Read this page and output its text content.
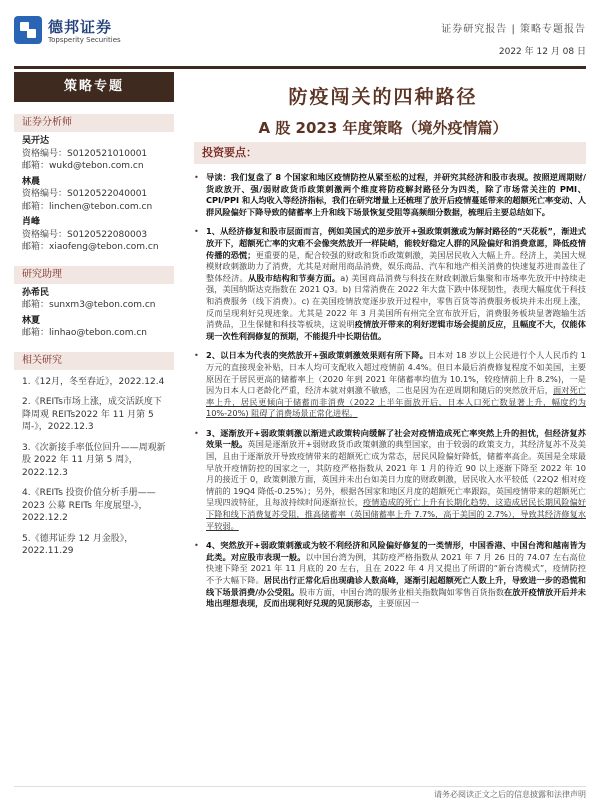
德邦证券
Topsperity Securities
证券研究报告 | 策略专题报告
2022 年 12 月 08 日
策略专题
证券分析师
吴开达
资格编号：S0120521010001
邮箱：wukd@tebon.com.cn
林晨
资格编号：S0120522040001
邮箱：linchen@tebon.com.cn
肖峰
资格编号：S0120522080003
邮箱：xiaofeng@tebon.com.cn
研究助理
孙希民
邮箱：sunxm3@tebon.com.cn
林夏
邮箱：linhao@tebon.com.cn
相关研究
1.《12月，冬至春近》，2022.12.4
2.《REITs市场上涨，成交活跃度下降周观 REITs2022 年 11 月第 5 周-》，2022.12.3
3.《次新接手率低位回升——周观新股 2022 年 11 月第 5 周》，2022.12.3
4.《REITs 投资价值分析手册——2023 公募 REITs 年度展望-》，2022.12.2
5.《德邦证券 12 月金股》，2022.11.29
防疫闯关的四种路径
A 股 2023 年度策略（境外疫情篇）
投资要点：
• 导读：我们复盘了 8 个国家和地区疫情防控从紧至松的过程，并研究其经济和股市表现。按照逆周期财/货政放开、强/弱财政货币政策刺激两个维度将防疫解封路径分为四类，除了市场常关注的 PMI、CPI/PPI 和人均收入等经济指标，我们在研究增量上还梳理了放开后疫情蔓延带来的超额死亡率变动、人群风险偏好下降导致的储蓄率上升和线下场景恢复受阻等高频细分数据，梳理后主要总结如下。
• 1、从经济修复和股市层面而言，例如美国式的逆步放开+强政策刺激或为解封路径的“天花板”，渐进式放开下，超额死亡率的灾难不会像突然放开一样陡峭，能较好稳定人群的风险偏好和消费意愿，降低疫情传播的恐慌；更重要的是，配合较强的财政和货币政策刺激，美国居民收入大幅上升。经济上，美国大规模财政刺激助力了消费，尤其是对耐用商品消费，娱乐商品、汽车和地产相关消费的快速复苏进而盖住了整体经济。从股市结构和节奏方面。a) 美国商品消费与科技在财政刺激后集聚和市场率先放开中持续走强，美国纳斯达克指数在 2021 Q3。b) 日常消费在 2022 年大盘下跌中体现韧性，表现大幅度优于科技和消费服务（线下消费）。c) 在美国疫情放宽逐步放开过程中，零售百货等消费服务板块并未出现上涨，反而呈现利好兑现迹象。尤其是 2022 年 3 月美国所有州完全宣布放开后，消费服务板块显著跑输生活消费品，卫生保健和科技等板块，这说明疫情放开带来的利好逻辑市场会提前反应，且幅度不大，仅能体现一次性利润修复的预期，不能提升中长期估值。
• 2、以日本为代表的突然放开+强政策刺激效果则有所下降。日本对 18 岁以上公民进行个人人民币约 1 万元的直接现金补贴，日本人均可支配收入超过疫情前 4.4%。但日本最后消费修复程度不如美国，主要原因在于居民更高的储蓄率上（2020 年到 2021 年储蓄率均值为 10.1%，较疫情前上升 8.2%)，一是因为日本人口老龄化严重，经济本就对刺激不敏感，二也是因为在逆周期和随后的突然放开后，面对死亡率上升，居民更倾向于储蓄而非消费（2022 上半年面放开后，日本人口死亡数显著上升，幅度约为 10%-20%) 阻碍了消费场景正常化进程。
• 3、逐渐放开+弱政策刺激以渐进式政策转向缓解了社会对疫情造成死亡率突然上升的担忧，但经济复苏效果一般。英国是逐渐放开+弱财政货币政策刺激的典型国家，由于较弱的政策支力，其经济复苏不及美国，且由于逐渐放开导致疫情带来的超额死亡成为常态，居民风险偏好降低，储蓄率高企。英国是全球最早放开疫情防控的国家之一，其防疫严格指数从 2021 年 1 月的待近 90 以上逐渐下降至 2022 年 10 月的接近于 0，政策刺激方面，英国并未出台如美日力度的财政刺激，居民收入水平较低（22Q2 相对疫情前的 19Q4 降低-0.25%）；另外，根据各国家和地区月度的超额死亡率跟踪，英国疫情带来的超额死亡呈现四波特征，且每波持续时间逐渐拉长，疫情造成的死亡上升有长期化趋势，这造成居民长期风险偏好下降和线下消费复苏受阻，推高储蓄率（英国储蓄率上升 7.7%，高于美国的 2.7%），导致其经济修复水平较弱。
• 4、突然放开+弱政策刺激或为较不利经济和风险偏好修复的一类情形，中国香港、中国台湾和越南皆为此类。对应股市表现一般。以中国台湾为例，其防疫严格指数从 2021 年 7 月 26 日的 74.07 左右高位快速下降至 2021 年 11 月底的 20 左右，且在 2022 年 4 月又提出了所谓的“新台湾模式”，疫情防控不予大幅下降。居民出行正常化后出现确诊人数高峰，逐渐引起超额死亡人数上升，导致进一步的恐慌和线下场景消费/办公受阻。股市方面，中国台湾的服务业相关指数陶如零售百货指数在放开疫情放开后并未地出理想表现，反而出现利好兑现的见顶形态，主要原因一
请务必阅读正文之后的信息披露和法律声明
